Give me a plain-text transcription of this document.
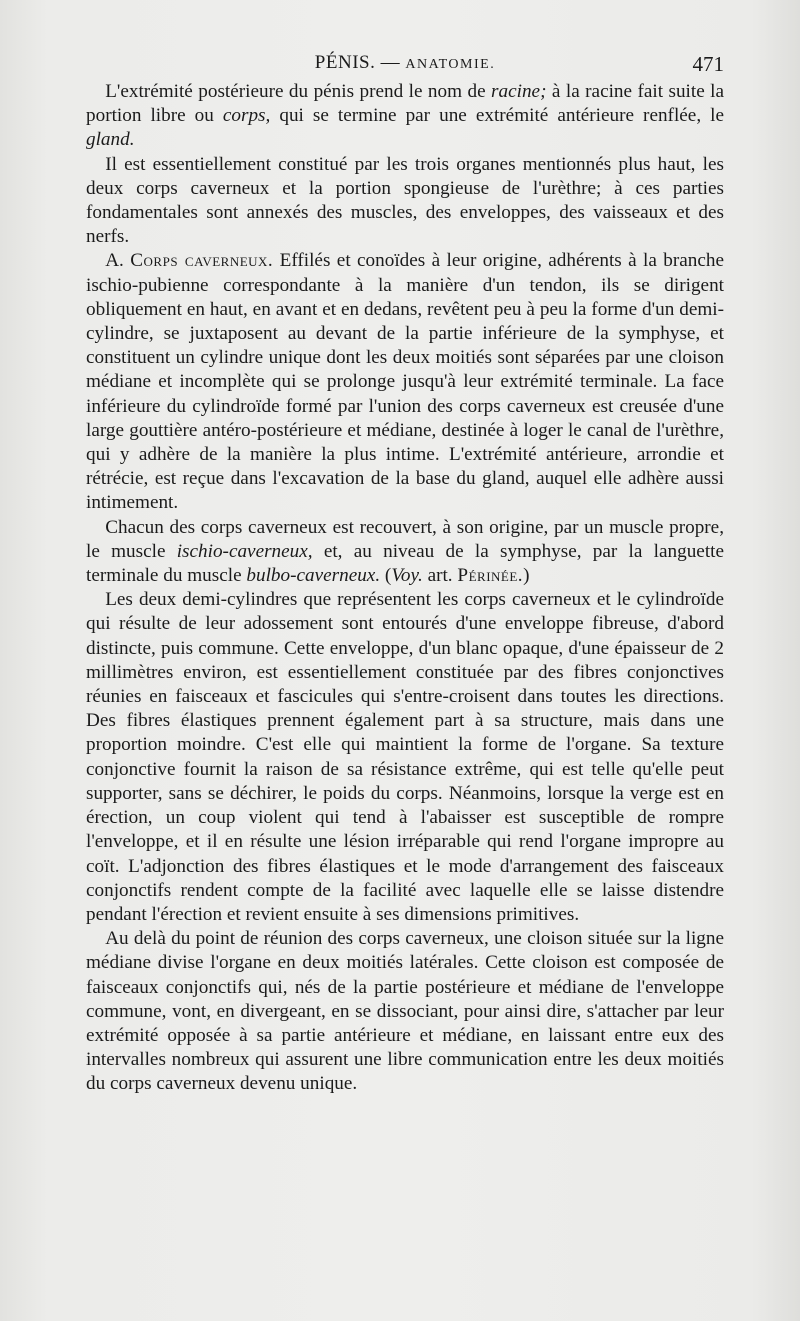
PÉNIS. — ANATOMIE.	471

 L'extrémité postérieure du pénis prend le nom de racine; à la racine fait suite la portion libre ou corps, qui se termine par une extrémité antérieure renflée, le gland.

 Il est essentiellement constitué par les trois organes mentionnés plus haut, les deux corps caverneux et la portion spongieuse de l'urèthre; à ces parties fondamentales sont annexés des muscles, des enveloppes, des vaisseaux et des nerfs.

 A. Corps caverneux. Effilés et conoïdes à leur origine, adhérents à la branche ischio-pubienne correspondante à la manière d'un tendon, ils se dirigent obliquement en haut, en avant et en dedans, revêtent peu à peu la forme d'un demi-cylindre, se juxtaposent au devant de la partie inférieure de la symphyse, et constituent un cylindre unique dont les deux moitiés sont séparées par une cloison médiane et incomplète qui se prolonge jusqu'à leur extrémité terminale. La face inférieure du cylindroïde formé par l'union des corps caverneux est creusée d'une large gouttière antéro-postérieure et médiane, destinée à loger le canal de l'urèthre, qui y adhère de la manière la plus intime. L'extrémité antérieure, arrondie et rétrécie, est reçue dans l'excavation de la base du gland, auquel elle adhère aussi intimement.

 Chacun des corps caverneux est recouvert, à son origine, par un muscle propre, le muscle ischio-caverneux, et, au niveau de la symphyse, par la languette terminale du muscle bulbo-caverneux. (Voy. art. Périnée.)

 Les deux demi-cylindres que représentent les corps caverneux et le cylindroïde qui résulte de leur adossement sont entourés d'une enveloppe fibreuse, d'abord distincte, puis commune. Cette enveloppe, d'un blanc opaque, d'une épaisseur de 2 millimètres environ, est essentiellement constituée par des fibres conjonctives réunies en faisceaux et fascicules qui s'entre-croisent dans toutes les directions. Des fibres élastiques prennent également part à sa structure, mais dans une proportion moindre. C'est elle qui maintient la forme de l'organe. Sa texture conjonctive fournit la raison de sa résistance extrême, qui est telle qu'elle peut supporter, sans se déchirer, le poids du corps. Néanmoins, lorsque la verge est en érection, un coup violent qui tend à l'abaisser est susceptible de rompre l'enveloppe, et il en résulte une lésion irréparable qui rend l'organe impropre au coït. L'adjonction des fibres élastiques et le mode d'arrangement des faisceaux conjonctifs rendent compte de la facilité avec laquelle elle se laisse distendre pendant l'érection et revient ensuite à ses dimensions primitives.

 Au delà du point de réunion des corps caverneux, une cloison située sur la ligne médiane divise l'organe en deux moitiés latérales. Cette cloison est composée de faisceaux conjonctifs qui, nés de la partie postérieure et médiane de l'enveloppe commune, vont, en divergeant, en se dissociant, pour ainsi dire, s'attacher par leur extrémité opposée à sa partie antérieure et médiane, en laissant entre eux des intervalles nombreux qui assurent une libre communication entre les deux moitiés du corps caverneux devenu unique.
